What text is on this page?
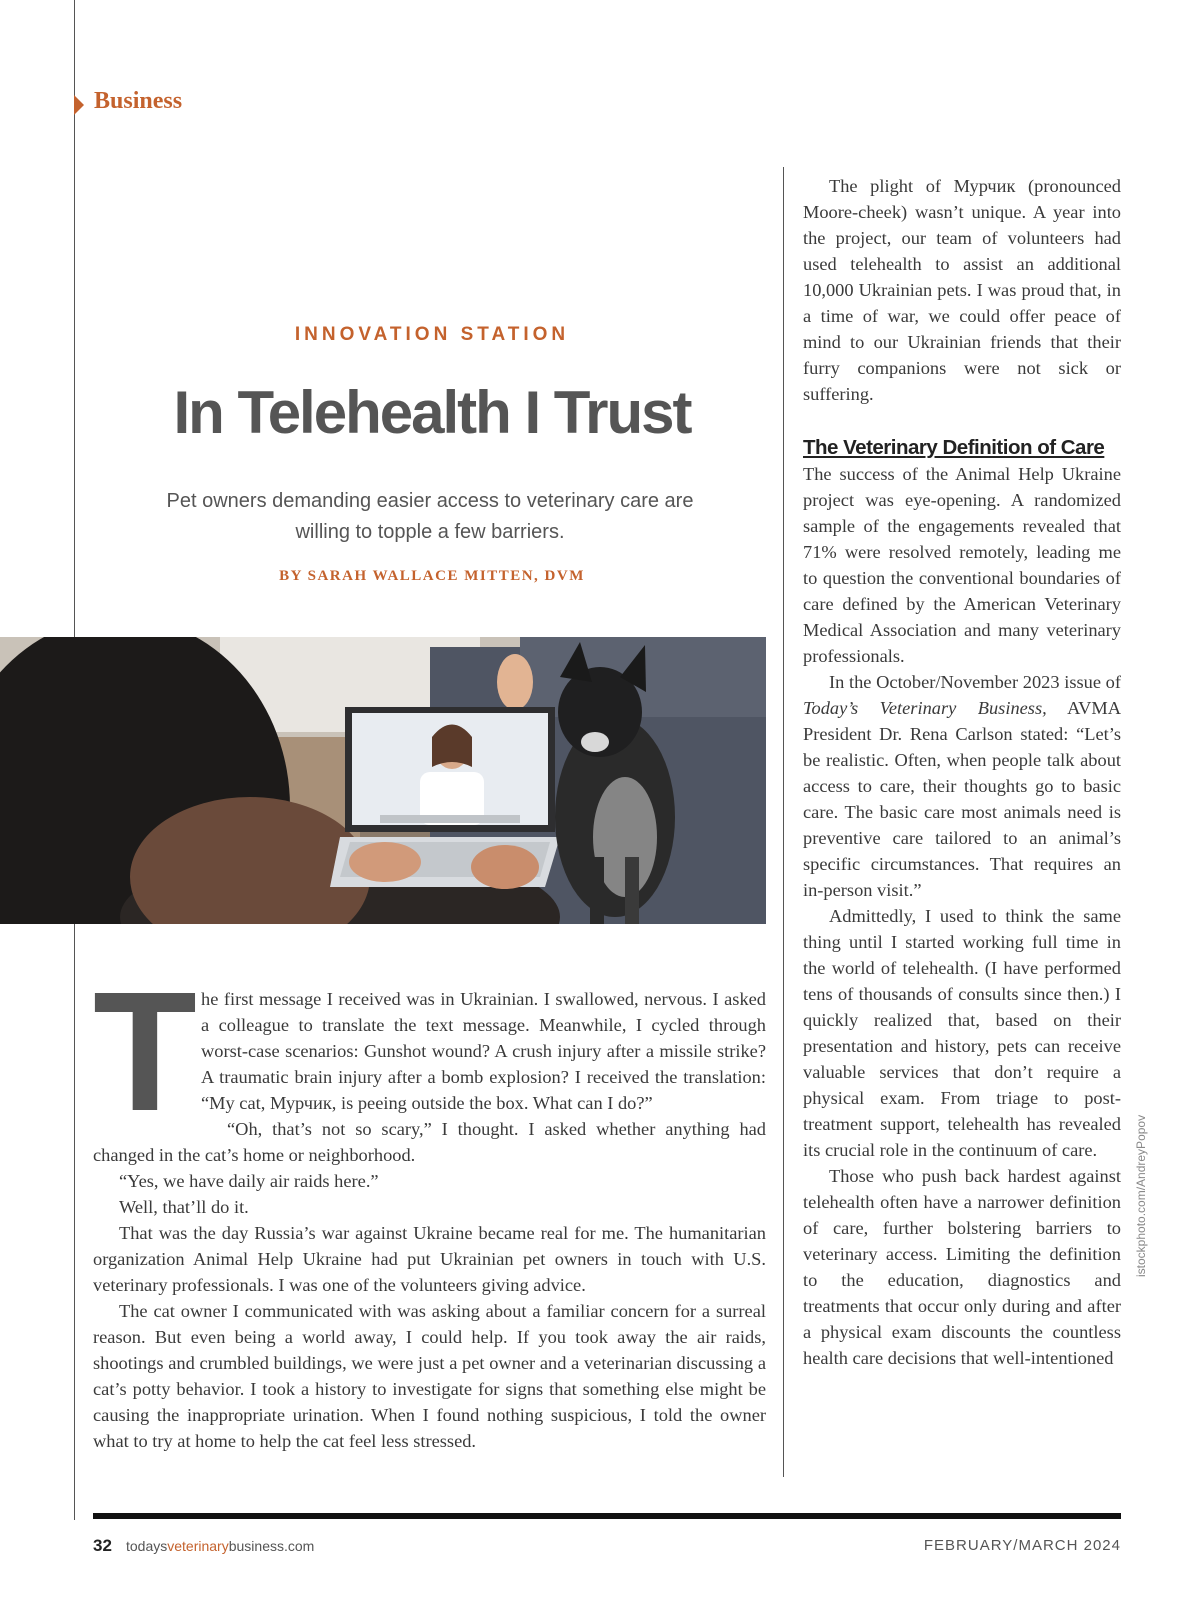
Business
INNOVATION STATION
In Telehealth I Trust
Pet owners demanding easier access to veterinary care are willing to topple a few barriers.
BY SARAH WALLACE MITTEN, DVM

The first message I received was in Ukrainian. I swallowed, nervous. I asked a colleague to translate the text message. Meanwhile, I cycled through worst-case scenarios: Gunshot wound? A crush injury after a missile strike? A traumatic brain injury after a bomb explosion? I received the translation: “My cat, Мурчик, is peeing outside the box. What can I do?”

“Oh, that’s not so scary,” I thought. I asked whether anything had changed in the cat’s home or neighborhood.

“Yes, we have daily air raids here.”

Well, that’ll do it.

That was the day Russia’s war against Ukraine became real for me. The humanitarian organization Animal Help Ukraine had put Ukrainian pet owners in touch with U.S. veterinary professionals. I was one of the volunteers giving advice.

The cat owner I communicated with was asking about a familiar concern for a surreal reason. But even being a world away, I could help. If you took away the air raids, shootings and crumbled buildings, we were just a pet owner and a veterinarian discussing a cat’s potty behavior. I took a history to investigate for signs that something else might be causing the inappropriate urination. When I found nothing suspicious, I told the owner what to try at home to help the cat feel less stressed.

The plight of Мурчик (pronounced Moore-cheek) wasn’t unique. A year into the project, our team of volunteers had used telehealth to assist an additional 10,000 Ukrainian pets. I was proud that, in a time of war, we could offer peace of mind to our Ukrainian friends that their furry companions were not sick or suffering.

The Veterinary Definition of Care

The success of the Animal Help Ukraine project was eye-opening. A randomized sample of the engagements revealed that 71% were resolved remotely, leading me to question the conventional boundaries of care defined by the American Veterinary Medical Association and many veterinary professionals.

In the October/November 2023 issue of Today’s Veterinary Business, AVMA President Dr. Rena Carlson stated: “Let’s be realistic. Often, when people talk about access to care, their thoughts go to basic care. The basic care most animals need is preventive care tailored to an animal’s specific circumstances. That requires an in-person visit.”

Admittedly, I used to think the same thing until I started working full time in the world of telehealth. (I have performed tens of thousands of consults since then.) I quickly realized that, based on their presentation and history, pets can receive valuable services that don’t require a physical exam. From triage to post-treatment support, telehealth has revealed its crucial role in the continuum of care.

Those who push back hardest against telehealth often have a narrower definition of care, further bolstering barriers to veterinary access. Limiting the definition to the education, diagnostics and treatments that occur only during and after a physical exam discounts the countless health care decisions that well-intentioned

istockphoto.com/AndreyPopov
32 todaysveterinarybusiness.com	FEBRUARY/MARCH 2024
